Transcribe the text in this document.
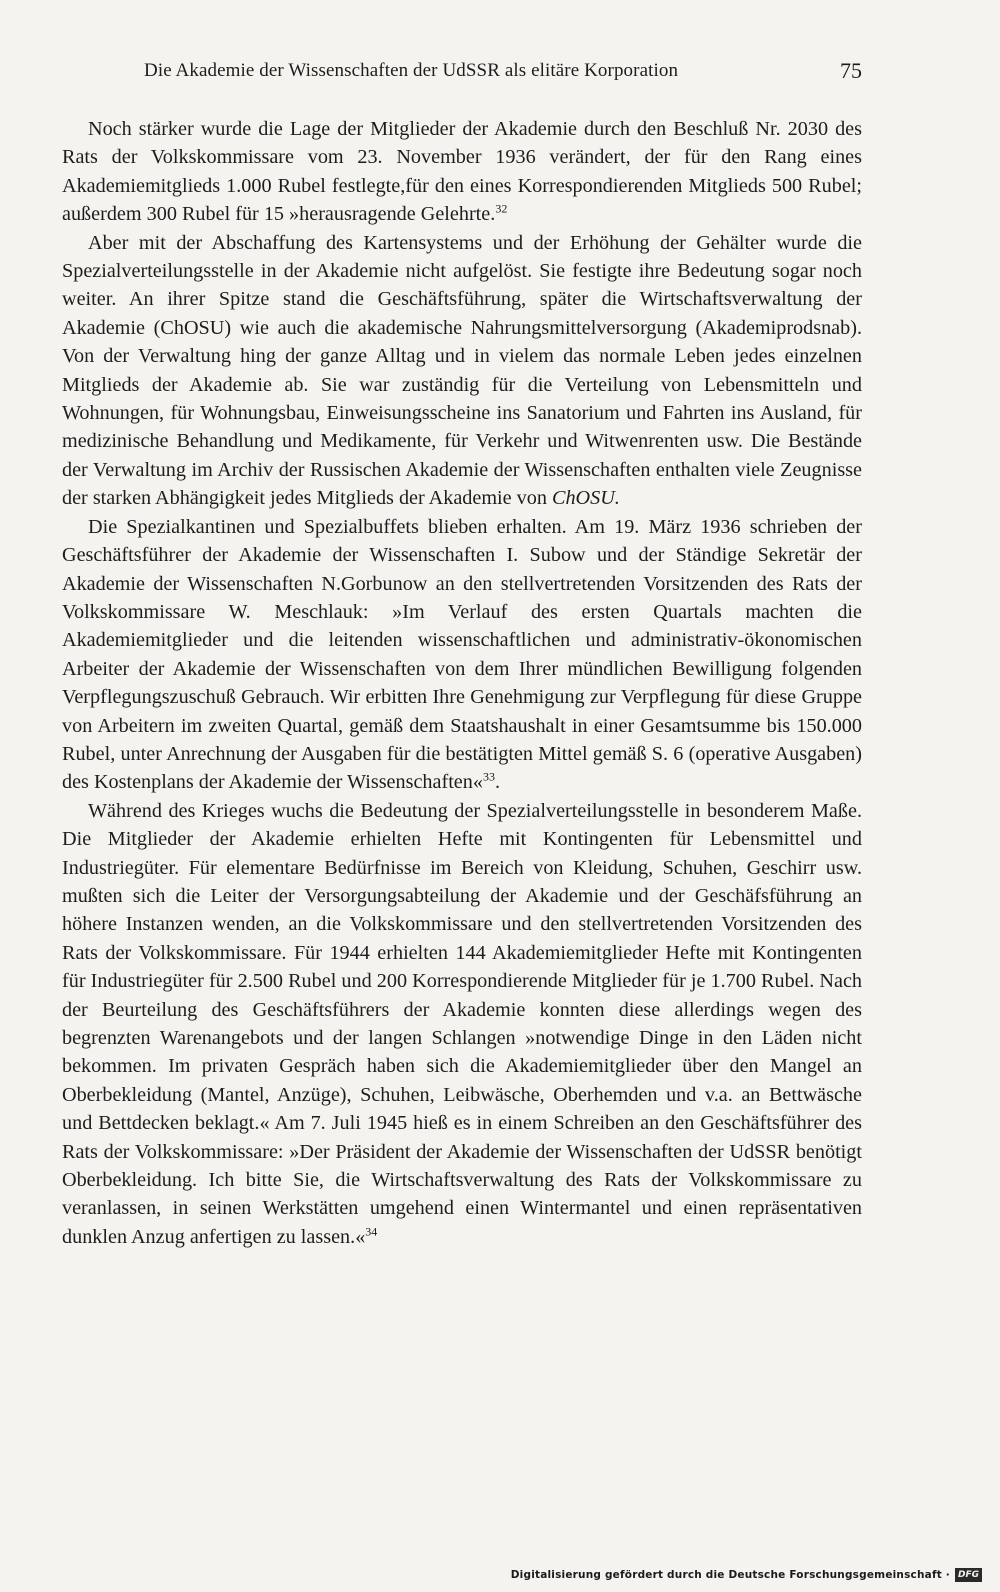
Die Akademie der Wissenschaften der UdSSR als elitäre Korporation	75

Noch stärker wurde die Lage der Mitglieder der Akademie durch den Beschluß Nr. 2030 des Rats der Volkskommissare vom 23. November 1936 verändert, der für den Rang eines Akademiemitglieds 1.000 Rubel festlegte,für den eines Korrespondierenden Mitglieds 500 Rubel; außerdem 300 Rubel für 15 »herausragende Gelehrte.$^{32}$

Aber mit der Abschaffung des Kartensystems und der Erhöhung der Gehälter wurde die Spezialverteilungsstelle in der Akademie nicht aufgelöst. Sie festigte ihre Bedeutung sogar noch weiter. An ihrer Spitze stand die Geschäftsführung, später die Wirtschaftsverwaltung der Akademie (ChOSU) wie auch die akademische Nahrungsmittelversorgung (Akademiprodsnab). Von der Verwaltung hing der ganze Alltag und in vielem das normale Leben jedes einzelnen Mitglieds der Akademie ab. Sie war zuständig für die Verteilung von Lebensmitteln und Wohnungen, für Wohnungsbau, Einweisungsscheine ins Sanatorium und Fahrten ins Ausland, für medizinische Behandlung und Medikamente, für Verkehr und Witwenrenten usw. Die Bestände der Verwaltung im Archiv der Russischen Akademie der Wissenschaften enthalten viele Zeugnisse der starken Abhängigkeit jedes Mitglieds der Akademie von ChOSU.

Die Spezialkantinen und Spezialbuffets blieben erhalten. Am 19. März 1936 schrieben der Geschäftsführer der Akademie der Wissenschaften I. Subow und der Ständige Sekretär der Akademie der Wissenschaften N.Gorbunow an den stellvertretenden Vorsitzenden des Rats der Volkskommissare W. Meschlauk: »Im Verlauf des ersten Quartals machten die Akademiemitglieder und die leitenden wissenschaftlichen und administrativ-ökonomischen Arbeiter der Akademie der Wissenschaften von dem Ihrer mündlichen Bewilligung folgenden Verpflegungszuschuß Gebrauch. Wir erbitten Ihre Genehmigung zur Verpflegung für diese Gruppe von Arbeitern im zweiten Quartal, gemäß dem Staatshaushalt in einer Gesamtsumme bis 150.000 Rubel, unter Anrechnung der Ausgaben für die bestätigten Mittel gemäß S. 6 (operative Ausgaben) des Kostenplans der Akademie der Wissenschaften«$^{33}$.

Während des Krieges wuchs die Bedeutung der Spezialverteilungsstelle in besonderem Maße. Die Mitglieder der Akademie erhielten Hefte mit Kontingenten für Lebensmittel und Industriegüter. Für elementare Bedürfnisse im Bereich von Kleidung, Schuhen, Geschirr usw. mußten sich die Leiter der Versorgungsabteilung der Akademie und der Geschäfsführung an höhere Instanzen wenden, an die Volkskommissare und den stellvertretenden Vorsitzenden des Rats der Volkskommissare. Für 1944 erhielten 144 Akademiemitglieder Hefte mit Kontingenten für Industriegüter für 2.500 Rubel und 200 Korrespondierende Mitglieder für je 1.700 Rubel. Nach der Beurteilung des Geschäftsführers der Akademie konnten diese allerdings wegen des begrenzten Warenangebots und der langen Schlangen »notwendige Dinge in den Läden nicht bekommen. Im privaten Gespräch haben sich die Akademiemitglieder über den Mangel an Oberbekleidung (Mantel, Anzüge), Schuhen, Leibwäsche, Oberhemden und v.a. an Bettwäsche und Bettdecken beklagt.« Am 7. Juli 1945 hieß es in einem Schreiben an den Geschäftsführer des Rats der Volkskommissare: »Der Präsident der Akademie der Wissenschaften der UdSSR benötigt Oberbekleidung. Ich bitte Sie, die Wirtschaftsverwaltung des Rats der Volkskommissare zu veranlassen, in seinen Werkstätten umgehend einen Wintermantel und einen repräsentativen dunklen Anzug anfertigen zu lassen.«$^{34}$

Digitalisierung gefördert durch die Deutsche Forschungsgemeinschaft · DFG
